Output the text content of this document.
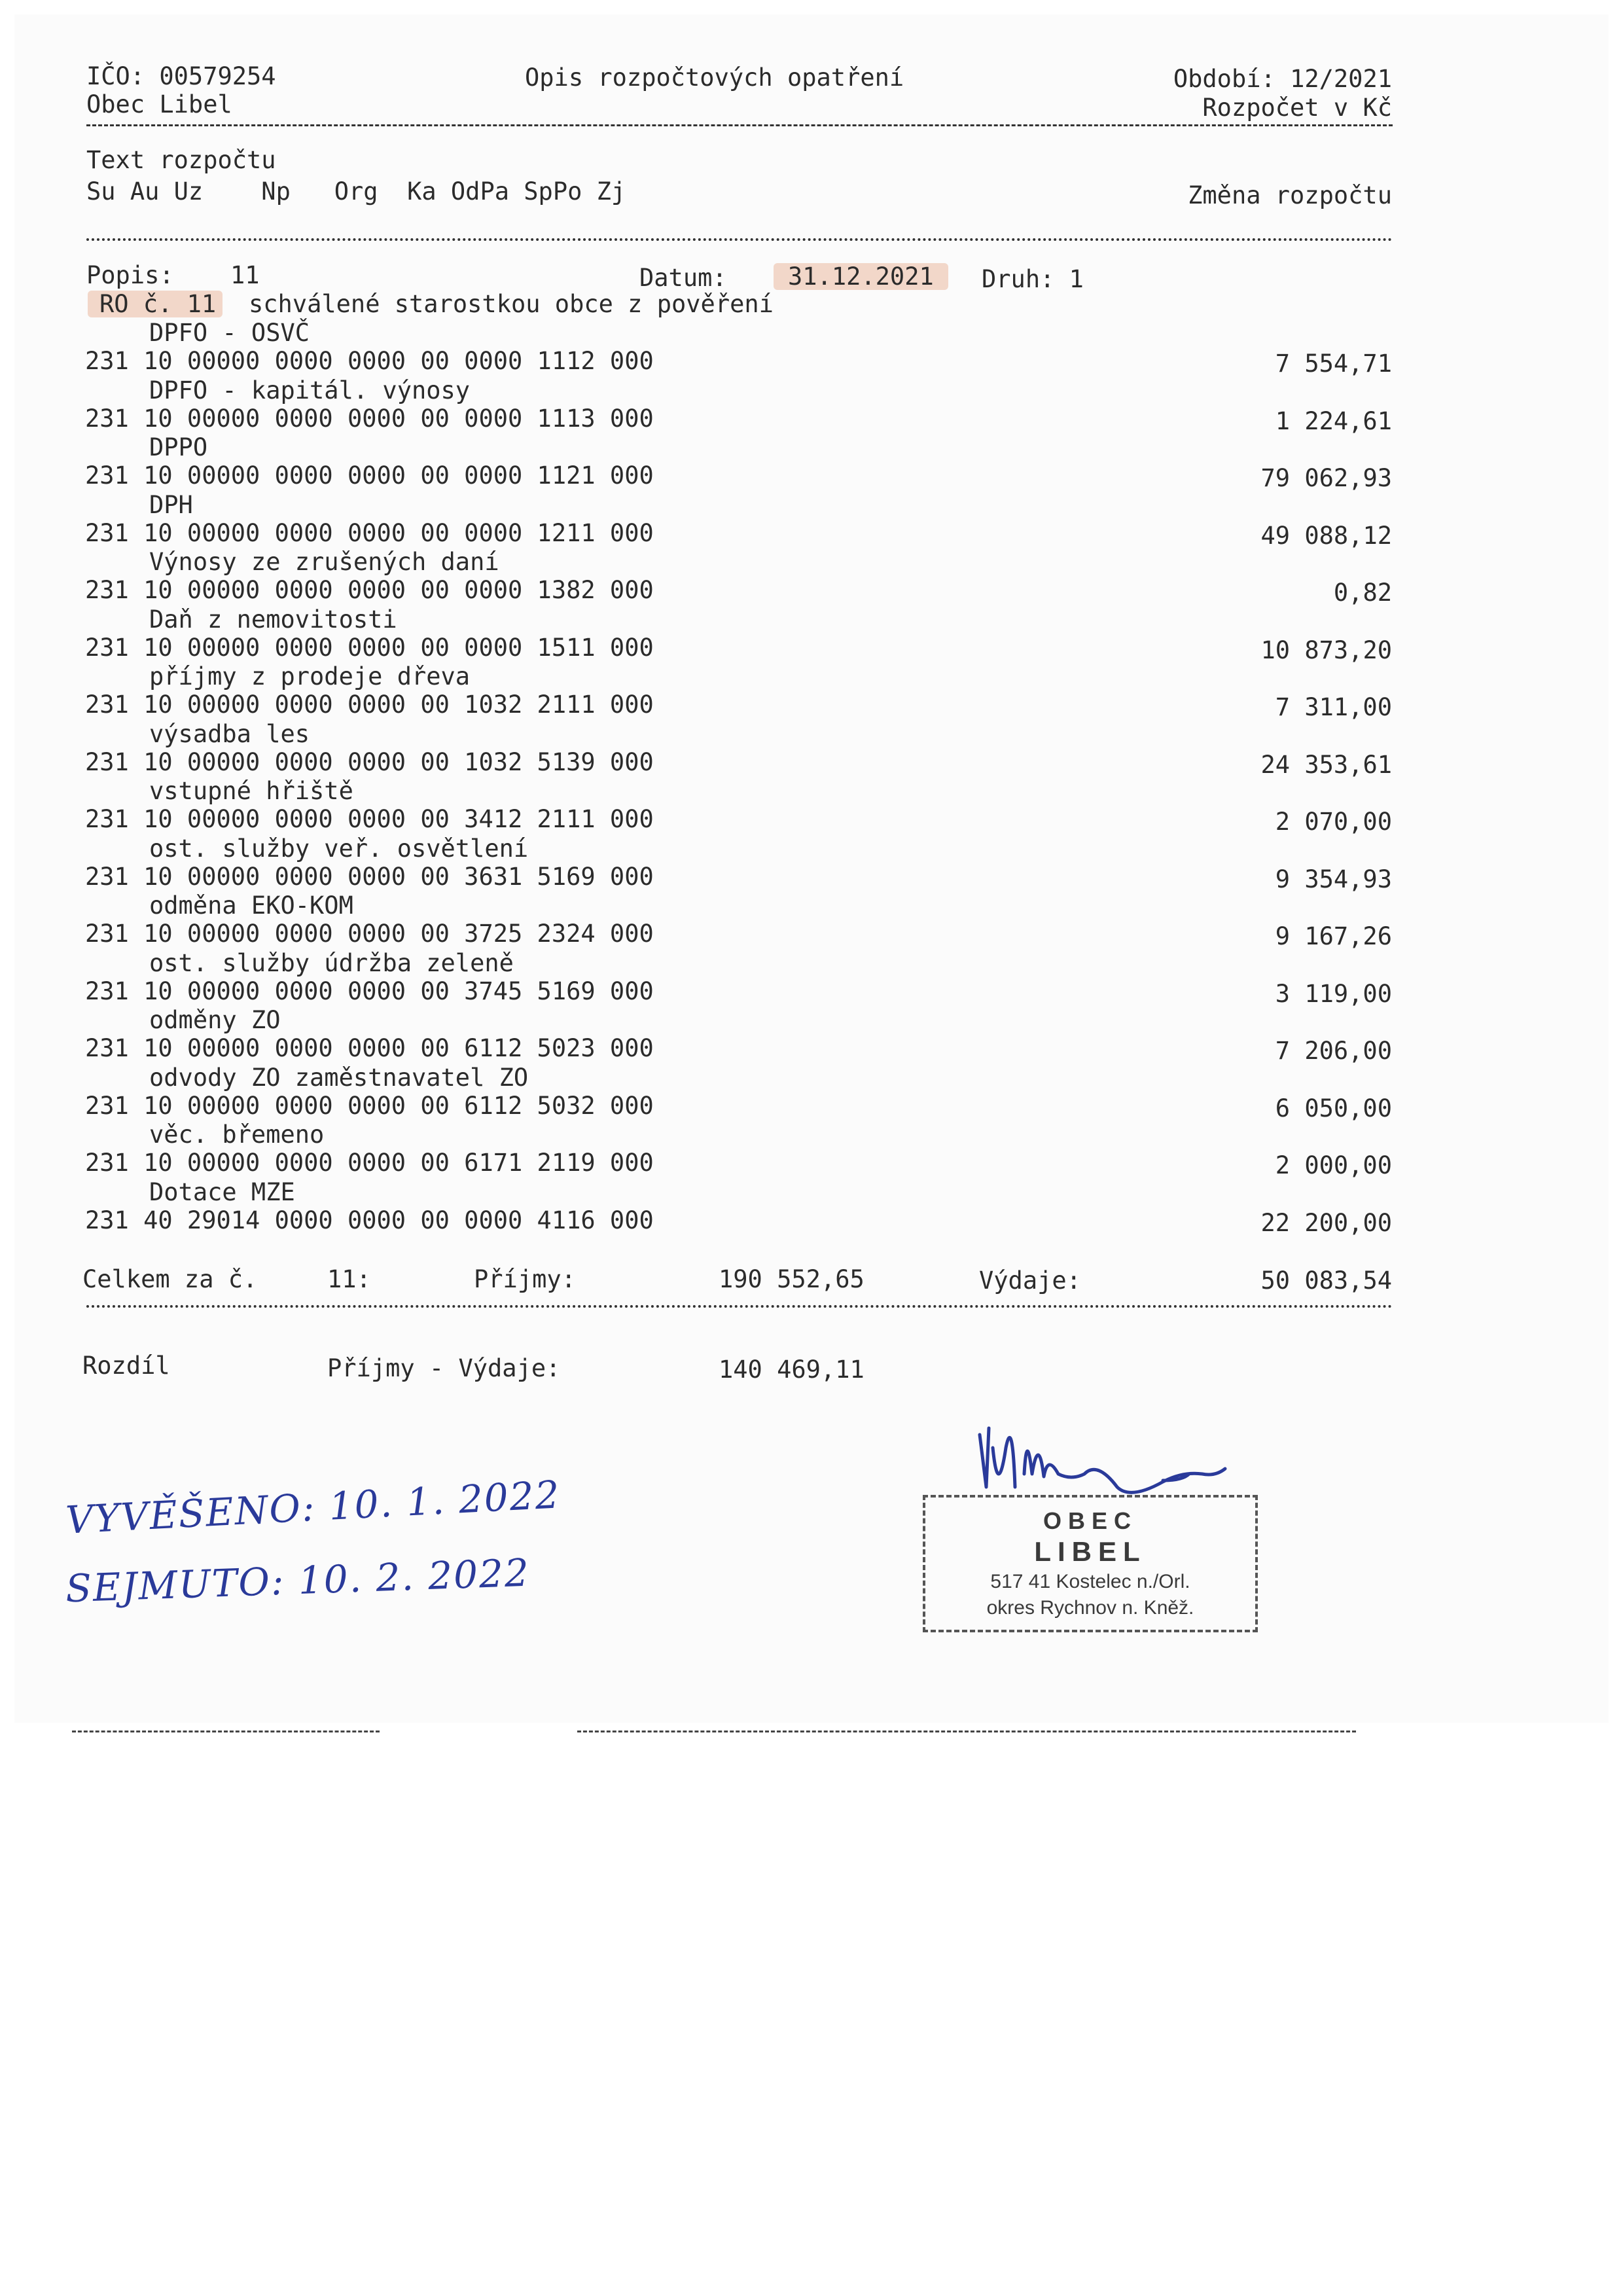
IČO: 00579254
Obec Libel
Opis rozpočtových opatření	Období: 12/2021
Rozpočet v Kč
Text rozpočtu
Su Au Uz    Np   Org  Ka OdPa SpPo Zj	Změna rozpočtu
Popis: 11	Datum:	31.12.2021	Druh: 1
RO č. 11 schválené starostkou obce z pověření
DPFO - OSVČ
231 10 00000 0000 0000 00 0000 1112 000	7 554,71
DPFO - kapitál. výnosy
231 10 00000 0000 0000 00 0000 1113 000	1 224,61
DPPO
231 10 00000 0000 0000 00 0000 1121 000	79 062,93
DPH
231 10 00000 0000 0000 00 0000 1211 000	49 088,12
Výnosy ze zrušených daní
231 10 00000 0000 0000 00 0000 1382 000	0,82
Daň z nemovitosti
231 10 00000 0000 0000 00 0000 1511 000	10 873,20
příjmy z prodeje dřeva
231 10 00000 0000 0000 00 1032 2111 000	7 311,00
výsadba les
231 10 00000 0000 0000 00 1032 5139 000	24 353,61
vstupné hřiště
231 10 00000 0000 0000 00 3412 2111 000	2 070,00
ost. služby veř. osvětlení
231 10 00000 0000 0000 00 3631 5169 000	9 354,93
odměna EKO-KOM
231 10 00000 0000 0000 00 3725 2324 000	9 167,26
ost. služby údržba zeleně
231 10 00000 0000 0000 00 3745 5169 000	3 119,00
odměny ZO
231 10 00000 0000 0000 00 6112 5023 000	7 206,00
odvody ZO zaměstnavatel ZO
231 10 00000 0000 0000 00 6112 5032 000	6 050,00
věc. břemeno
231 10 00000 0000 0000 00 6171 2119 000	2 000,00
Dotace MZE
231 40 29014 0000 0000 00 0000 4116 000	22 200,00
Celkem za č.	11:	Příjmy:	190 552,65	Výdaje:	50 083,54
Rozdíl	Příjmy - Výdaje:	140 469,11
VYVĚŠENO: 10. 1. 2022
SEJMUTO: 10. 2. 2022
OBEC
LIBEL
517 41 Kostelec n./Orl.
okres Rychnov n. Kněž.
